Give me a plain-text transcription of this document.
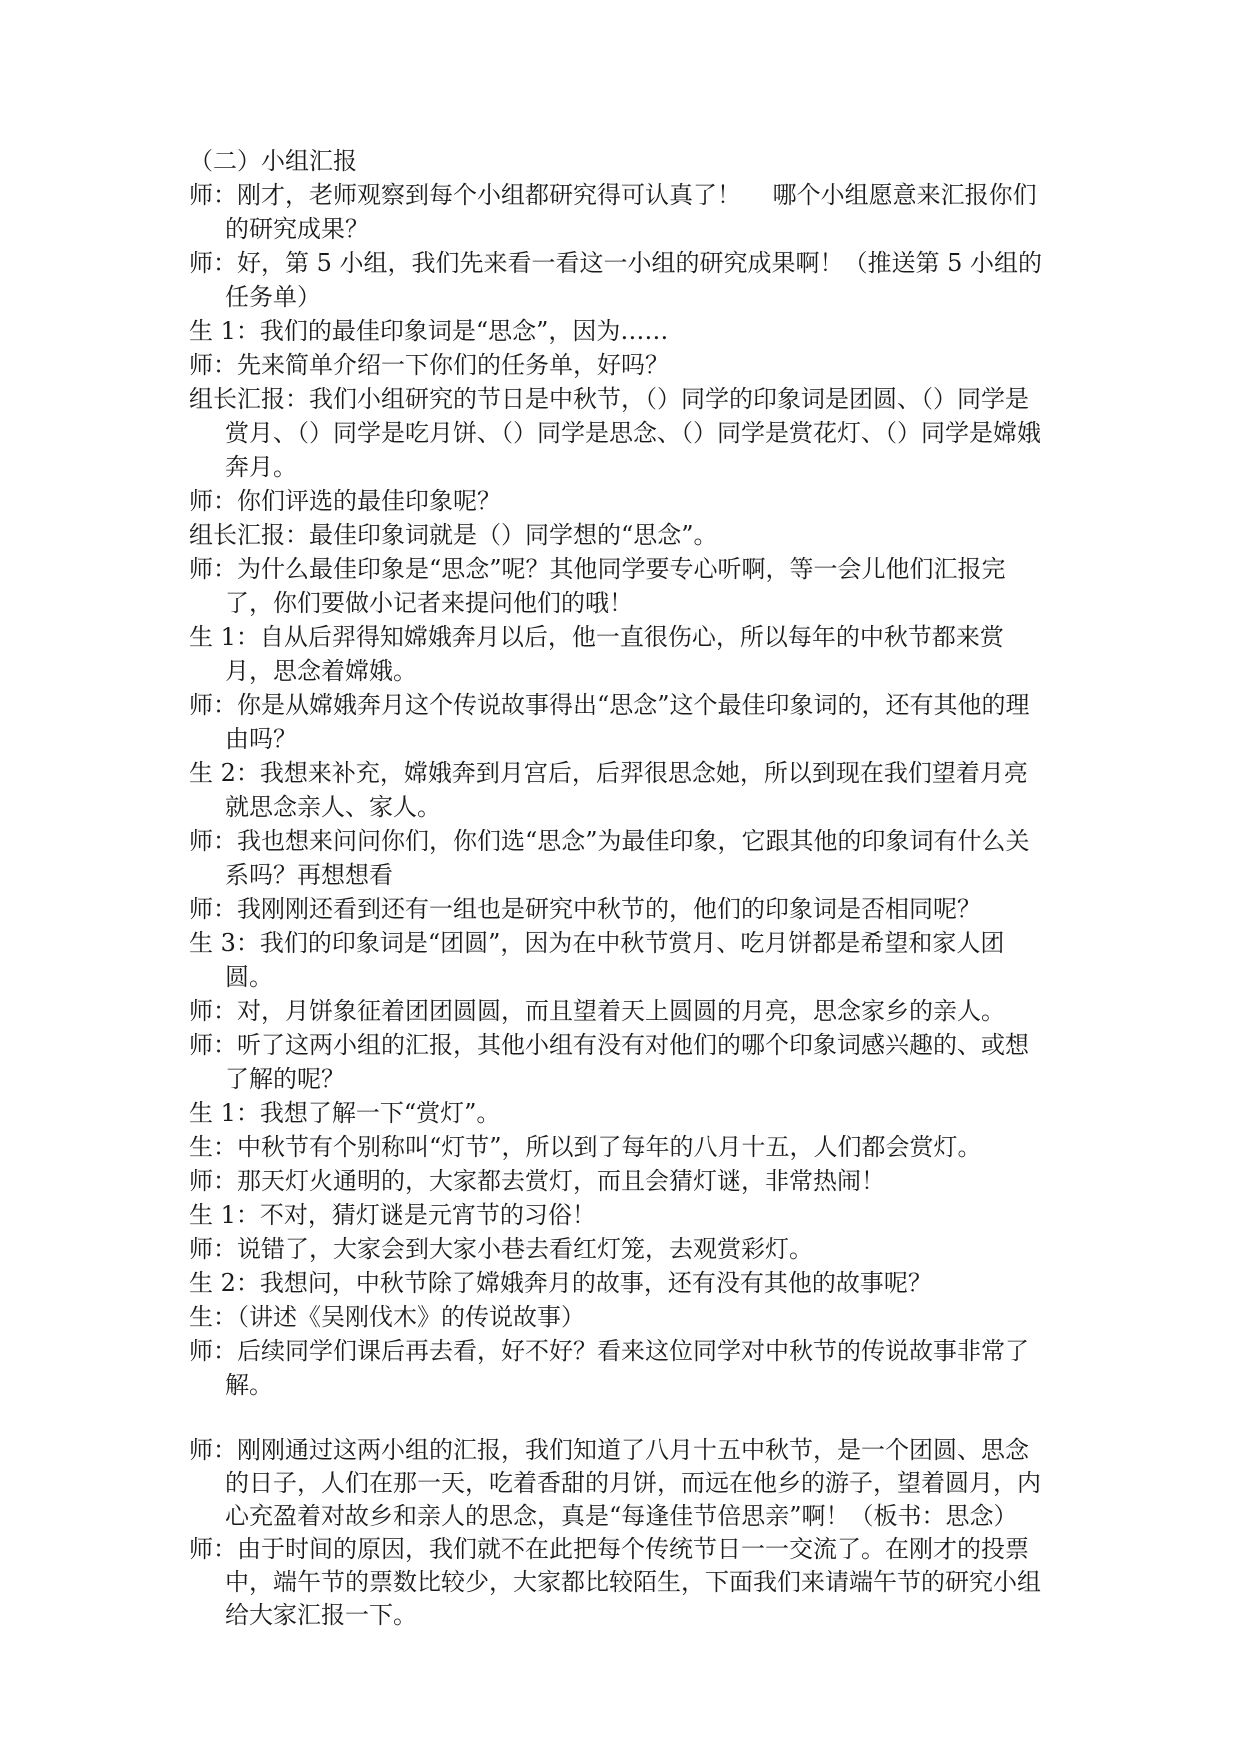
（二）小组汇报

师：刚才，老师观察到每个小组都研究得可认真了！　 哪个小组愿意来汇报你们的研究成果？

师：好，第 5 小组，我们先来看一看这一小组的研究成果啊！（推送第 5 小组的任务单）

生 1：我们的最佳印象词是“思念”，因为……

师：先来简单介绍一下你们的任务单，好吗？

组长汇报：我们小组研究的节日是中秋节，（）同学的印象词是团圆、（）同学是赏月、（）同学是吃月饼、（）同学是思念、（）同学是赏花灯、（）同学是嫦娥奔月。

师：你们评选的最佳印象呢？

组长汇报：最佳印象词就是（）同学想的“思念”。

师：为什么最佳印象是“思念”呢？其他同学要专心听啊，等一会儿他们汇报完了，你们要做小记者来提问他们的哦！

生 1：自从后羿得知嫦娥奔月以后，他一直很伤心，所以每年的中秋节都来赏月，思念着嫦娥。

师：你是从嫦娥奔月这个传说故事得出“思念”这个最佳印象词的，还有其他的理由吗？

生 2：我想来补充，嫦娥奔到月宫后，后羿很思念她，所以到现在我们望着月亮就思念亲人、家人。

师：我也想来问问你们，你们选“思念”为最佳印象，它跟其他的印象词有什么关系吗？再想想看

师：我刚刚还看到还有一组也是研究中秋节的，他们的印象词是否相同呢？

生 3：我们的印象词是“团圆”，因为在中秋节赏月、吃月饼都是希望和家人团圆。

师：对，月饼象征着团团圆圆，而且望着天上圆圆的月亮，思念家乡的亲人。

师：听了这两小组的汇报，其他小组有没有对他们的哪个印象词感兴趣的、或想了解的呢？

生 1：我想了解一下“赏灯”。

生：中秋节有个别称叫“灯节”，所以到了每年的八月十五，人们都会赏灯。

师：那天灯火通明的，大家都去赏灯，而且会猜灯谜，非常热闹！

生 1：不对，猜灯谜是元宵节的习俗！

师：说错了，大家会到大家小巷去看红灯笼，去观赏彩灯。

生 2：我想问，中秋节除了嫦娥奔月的故事，还有没有其他的故事呢？

生：（讲述《吴刚伐木》的传说故事）

师：后续同学们课后再去看，好不好？看来这位同学对中秋节的传说故事非常了解。

师：刚刚通过这两小组的汇报，我们知道了八月十五中秋节，是一个团圆、思念的日子，人们在那一天，吃着香甜的月饼，而远在他乡的游子，望着圆月，内心充盈着对故乡和亲人的思念，真是“每逢佳节倍思亲”啊！（板书：思念）

师：由于时间的原因，我们就不在此把每个传统节日一一交流了。在刚才的投票中，端午节的票数比较少，大家都比较陌生，下面我们来请端午节的研究小组给大家汇报一下。
